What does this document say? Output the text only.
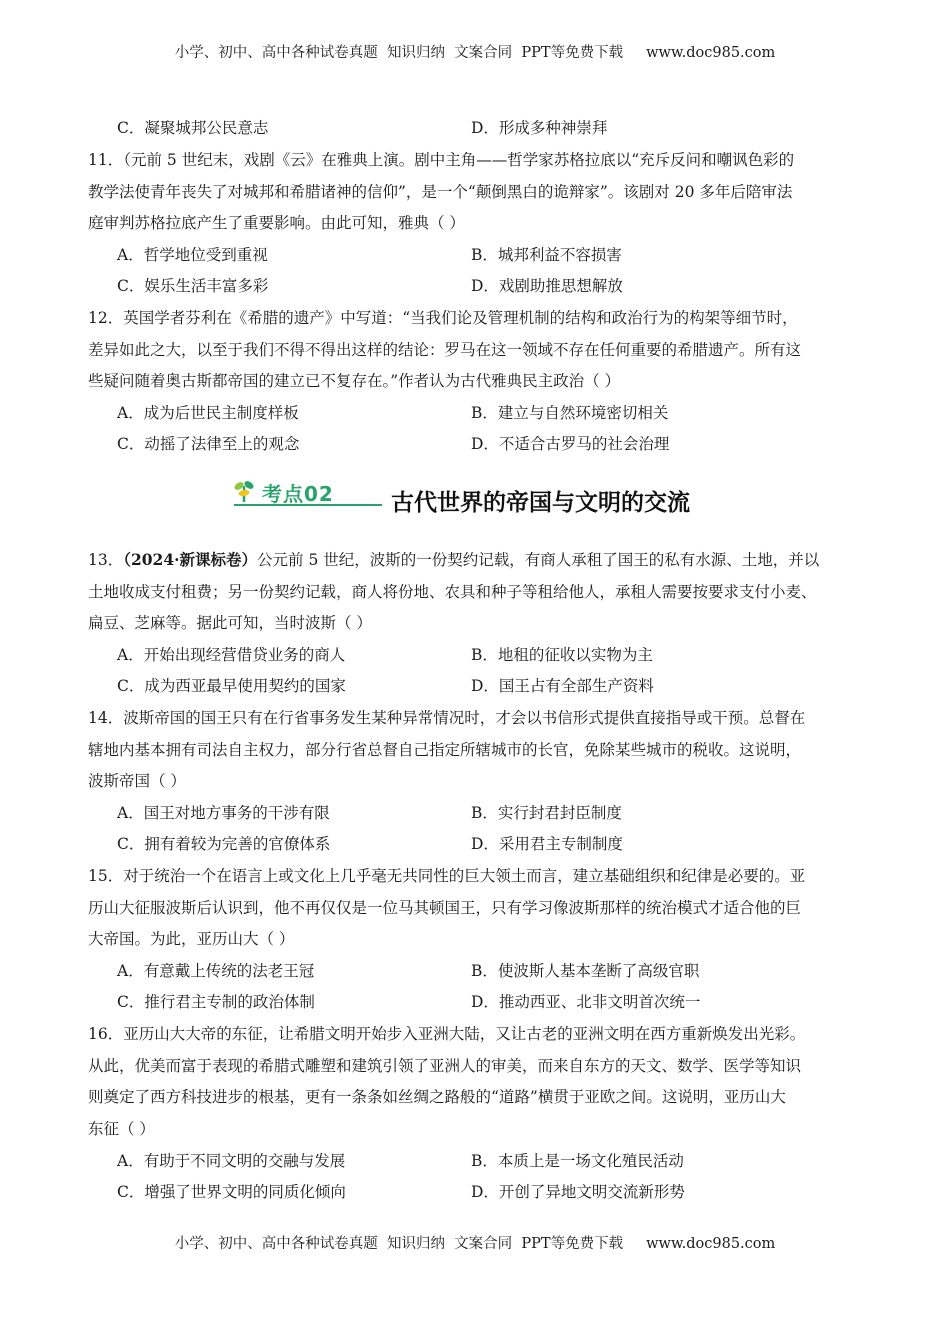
小学、初中、高中各种试卷真题  知识归纳  文案合同  PPT等免费下载     www.doc985.com
C．凝聚城邦公民意志	D．形成多种神崇拜
11．（元前 5 世纪末，戏剧《云》在雅典上演。剧中主角——哲学家苏格拉底以“充斥反问和嘲讽色彩的
教学法使青年丧失了对城邦和希腊诸神的信仰”，是一个“颠倒黑白的诡辩家”。该剧对 20 多年后陪审法
庭审判苏格拉底产生了重要影响。由此可知，雅典（ ）
A．哲学地位受到重视	B．城邦利益不容损害
C．娱乐生活丰富多彩	D．戏剧助推思想解放
12．英国学者芬利在《希腊的遗产》中写道：“当我们论及管理机制的结构和政治行为的构架等细节时，
差异如此之大，以至于我们不得不得出这样的结论：罗马在这一领域不存在任何重要的希腊遗产。所有这
些疑问随着奥古斯都帝国的建立已不复存在。”作者认为古代雅典民主政治（ ）
A．成为后世民主制度样板	B．建立与自然环境密切相关
C．动摇了法律至上的观念	D．不适合古罗马的社会治理
考点02 古代世界的帝国与文明的交流
13．（2024·新课标卷）公元前 5 世纪，波斯的一份契约记载，有商人承租了国王的私有水源、土地，并以
土地收成支付租费；另一份契约记载，商人将份地、农具和种子等租给他人，承租人需要按要求支付小麦、
扁豆、芝麻等。据此可知，当时波斯（ ）
A．开始出现经营借贷业务的商人	B．地租的征收以实物为主
C．成为西亚最早使用契约的国家	D．国王占有全部生产资料
14．波斯帝国的国王只有在行省事务发生某种异常情况时，才会以书信形式提供直接指导或干预。总督在
辖地内基本拥有司法自主权力，部分行省总督自己指定所辖城市的长官，免除某些城市的税收。这说明，
波斯帝国（ ）
A．国王对地方事务的干涉有限	B．实行封君封臣制度
C．拥有着较为完善的官僚体系	D．采用君主专制制度
15．对于统治一个在语言上或文化上几乎毫无共同性的巨大领土而言，建立基础组织和纪律是必要的。亚
历山大征服波斯后认识到，他不再仅仅是一位马其顿国王，只有学习像波斯那样的统治模式才适合他的巨
大帝国。为此，亚历山大（ ）
A．有意戴上传统的法老王冠	B．使波斯人基本垄断了高级官职
C．推行君主专制的政治体制	D．推动西亚、北非文明首次统一
16．亚历山大大帝的东征，让希腊文明开始步入亚洲大陆，又让古老的亚洲文明在西方重新焕发出光彩。
从此，优美而富于表现的希腊式雕塑和建筑引领了亚洲人的审美，而来自东方的天文、数学、医学等知识
则奠定了西方科技进步的根基，更有一条条如丝绸之路般的“道路”横贯于亚欧之间。这说明，亚历山大
东征（ ）
A．有助于不同文明的交融与发展	B．本质上是一场文化殖民活动
C．增强了世界文明的同质化倾向	D．开创了异地文明交流新形势
小学、初中、高中各种试卷真题  知识归纳  文案合同  PPT等免费下载     www.doc985.com
